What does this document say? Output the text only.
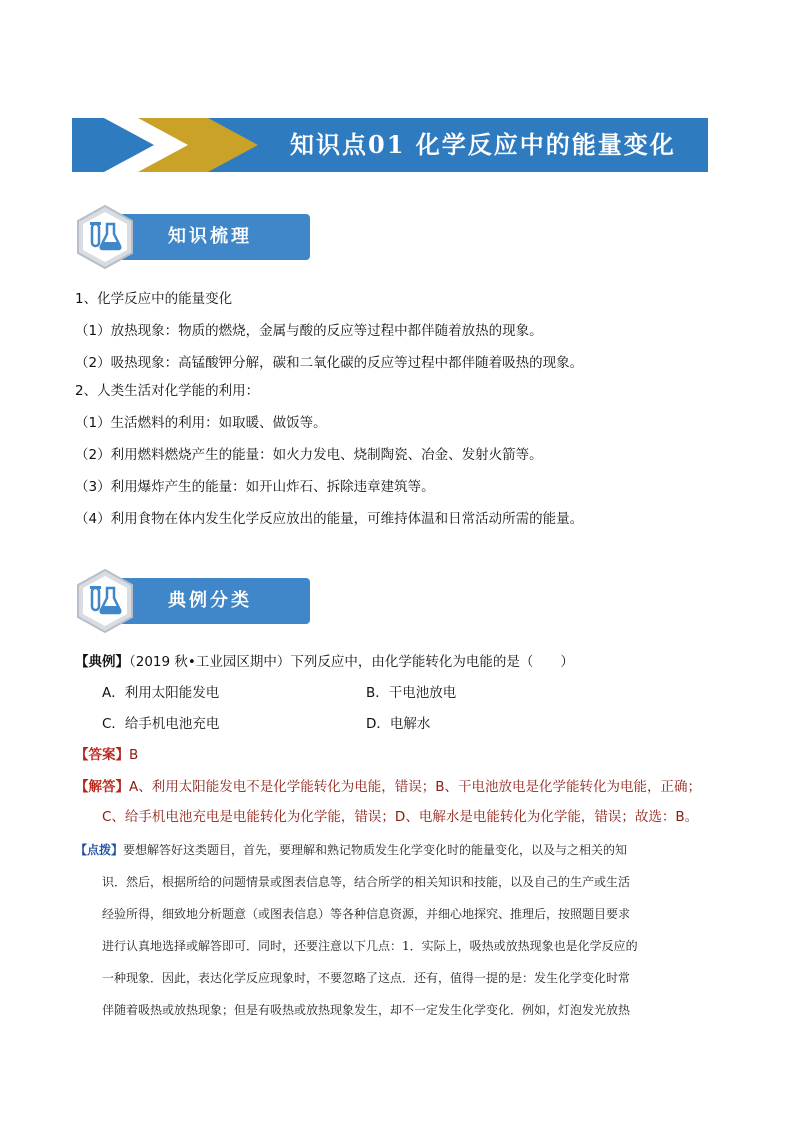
知识点01 化学反应中的能量变化
知识梳理
1、化学反应中的能量变化
（1）放热现象：物质的燃烧，金属与酸的反应等过程中都伴随着放热的现象。
（2）吸热现象：高锰酸钾分解，碳和二氧化碳的反应等过程中都伴随着吸热的现象。
2、人类生活对化学能的利用：
（1）生活燃料的利用：如取暖、做饭等。
（2）利用燃料燃烧产生的能量：如火力发电、烧制陶瓷、冶金、发射火箭等。
（3）利用爆炸产生的能量：如开山炸石、拆除违章建筑等。
（4）利用食物在体内发生化学反应放出的能量，可维持体温和日常活动所需的能量。
典例分类
【典例】（2019 秋•工业园区期中）下列反应中，由化学能转化为电能的是（　　）
A．利用太阳能发电	B．干电池放电
C．给手机电池充电	D．电解水
【答案】B
【解答】A、利用太阳能发电不是化学能转化为电能，错误；B、干电池放电是化学能转化为电能，正确；
C、给手机电池充电是电能转化为化学能，错误；D、电解水是电能转化为化学能，错误；故选：B。
【点拨】要想解答好这类题目，首先，要理解和熟记物质发生化学变化时的能量变化，以及与之相关的知
识．然后，根据所给的问题情景或图表信息等，结合所学的相关知识和技能，以及自己的生产或生活
经验所得，细致地分析题意（或图表信息）等各种信息资源，并细心地探究、推理后，按照题目要求
进行认真地选择或解答即可．同时，还要注意以下几点：1．实际上，吸热或放热现象也是化学反应的
一种现象．因此，表达化学反应现象时，不要忽略了这点．还有，值得一提的是：发生化学变化时常
伴随着吸热或放热现象；但是有吸热或放热现象发生，却不一定发生化学变化．例如，灯泡发光放热
